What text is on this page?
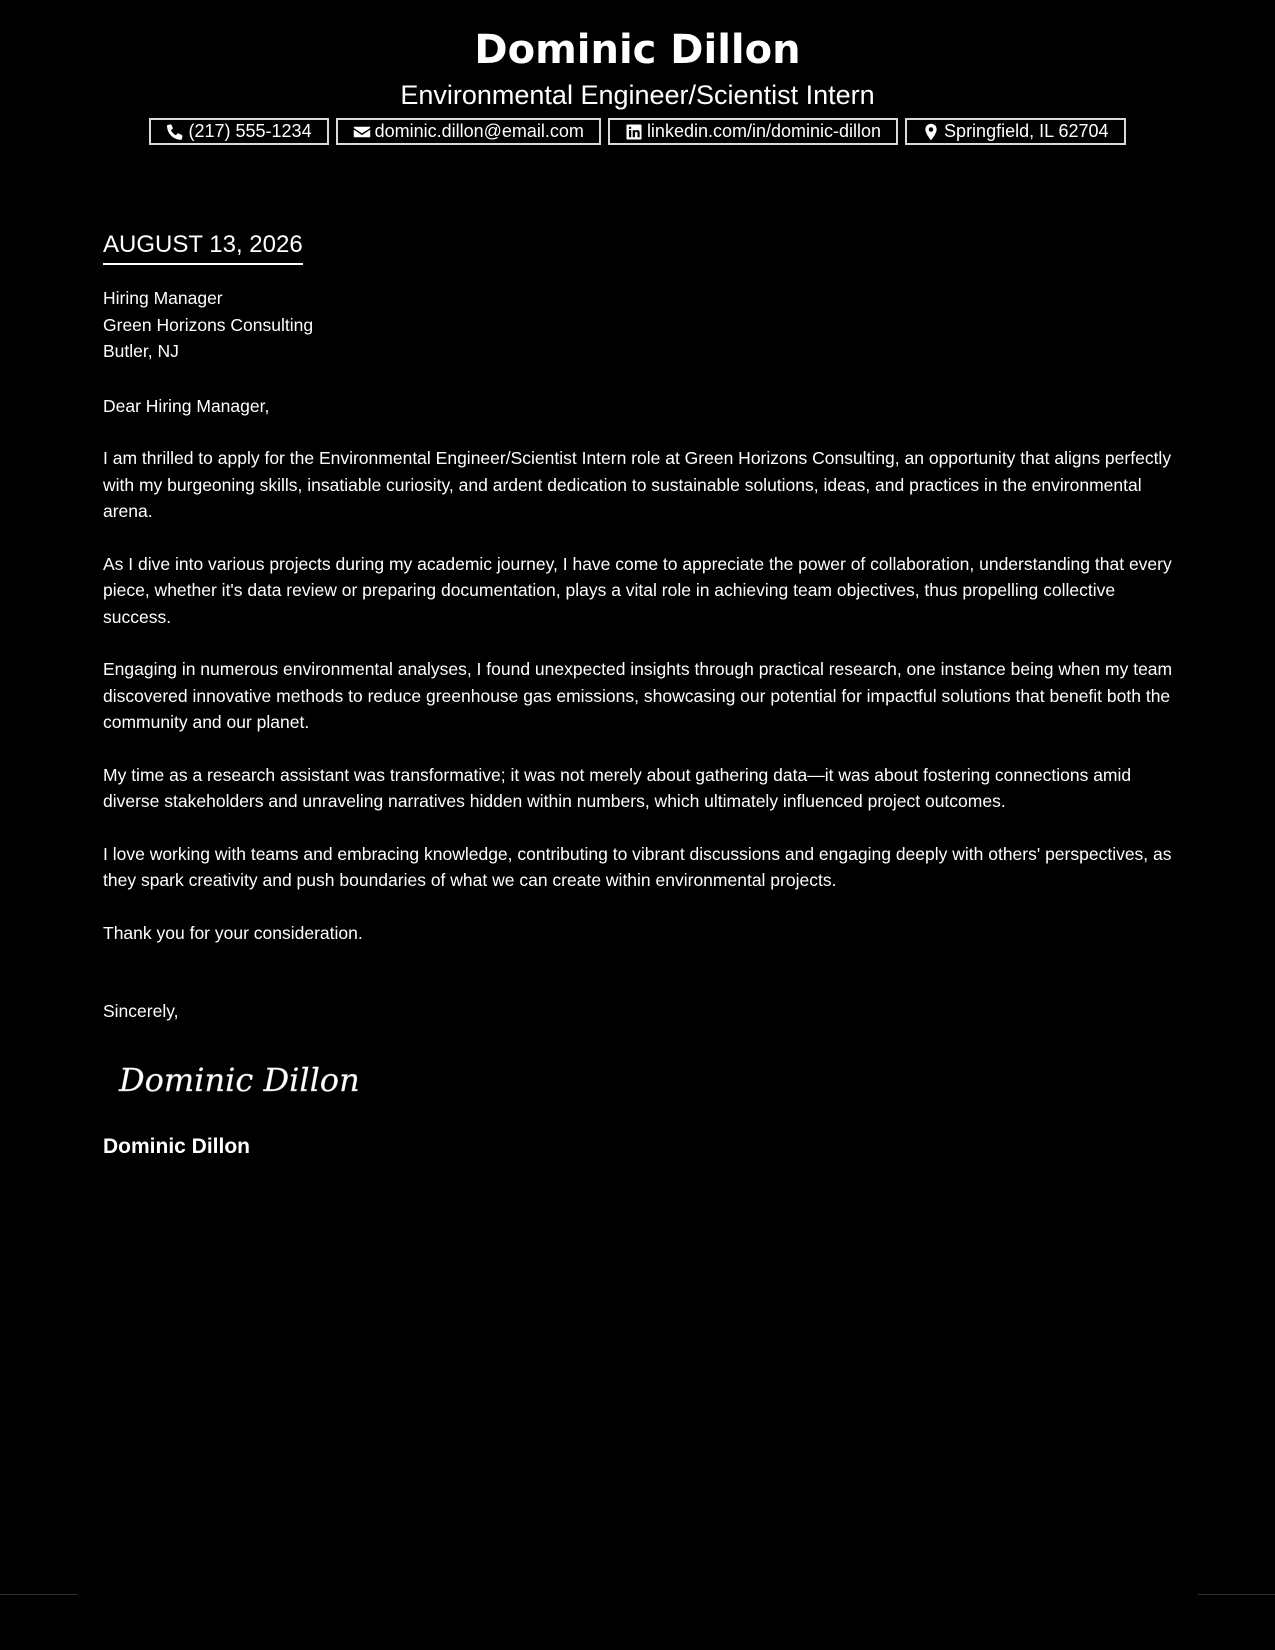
Dominic Dillon
Environmental Engineer/Scientist Intern
(217) 555-1234	dominic.dillon@email.com	linkedin.com/in/dominic-dillon	Springfield, IL 62704
AUGUST 13, 2026
Hiring Manager
Green Horizons Consulting
Butler, NJ
Dear Hiring Manager,

I am thrilled to apply for the Environmental Engineer/Scientist Intern role at Green Horizons Consulting, an opportunity that aligns perfectly with my burgeoning skills, insatiable curiosity, and ardent dedication to sustainable solutions, ideas, and practices in the environmental arena.

As I dive into various projects during my academic journey, I have come to appreciate the power of collaboration, understanding that every piece, whether it's data review or preparing documentation, plays a vital role in achieving team objectives, thus propelling collective success.

Engaging in numerous environmental analyses, I found unexpected insights through practical research, one instance being when my team discovered innovative methods to reduce greenhouse gas emissions, showcasing our potential for impactful solutions that benefit both the community and our planet.

My time as a research assistant was transformative; it was not merely about gathering data—it was about fostering connections amid diverse stakeholders and unraveling narratives hidden within numbers, which ultimately influenced project outcomes.

I love working with teams and embracing knowledge, contributing to vibrant discussions and engaging deeply with others' perspectives, as they spark creativity and push boundaries of what we can create within environmental projects.

Thank you for your consideration.

Sincerely,
Dominic Dillon
Dominic Dillon
